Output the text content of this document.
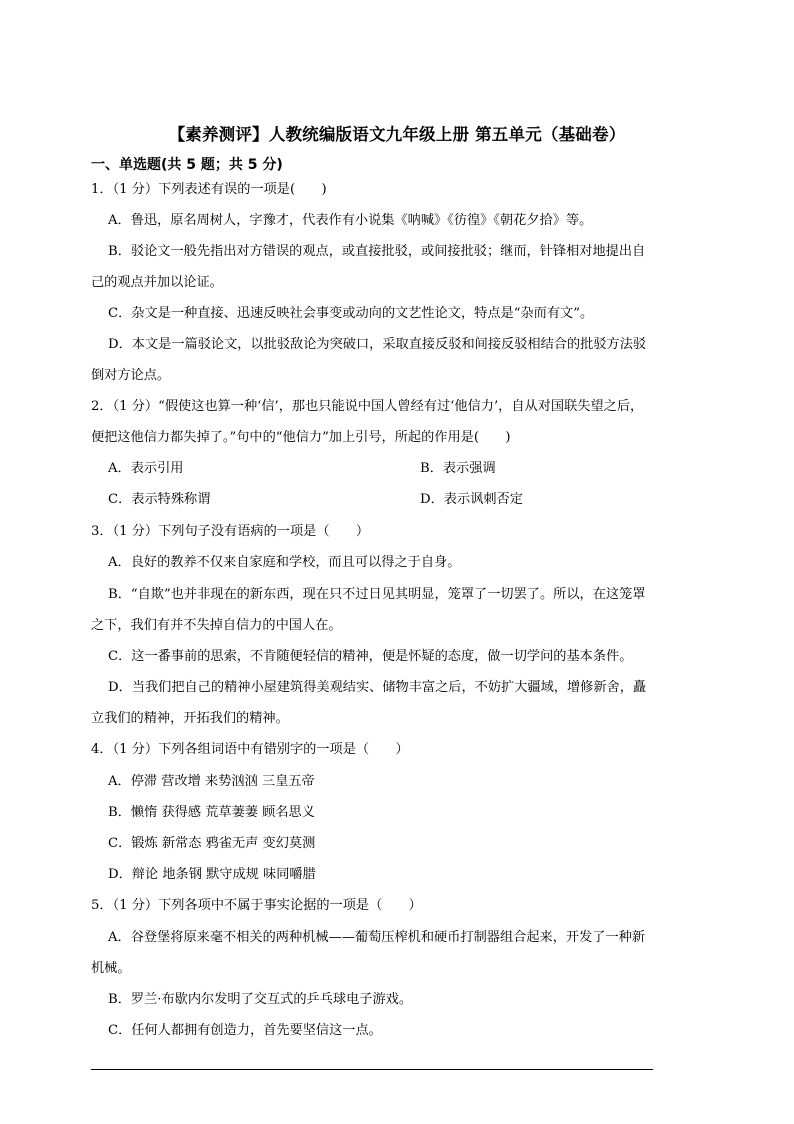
【素养测评】人教统编版语文九年级上册 第五单元（基础卷）
一、单选题(共 5 题；共 5 分)
1．（1 分）下列表述有误的一项是(　　)
A．鲁迅，原名周树人，字豫才，代表作有小说集《呐喊》《彷徨》《朝花夕拾》等。
B．驳论文一般先指出对方错误的观点，或直接批驳，或间接批驳；继而，针锋相对地提出自
己的观点并加以论证。
C．杂文是一种直接、迅速反映社会事变或动向的文艺性论文，特点是“杂而有文”。
D．本文是一篇驳论文，以批驳敌论为突破口，采取直接反驳和间接反驳相结合的批驳方法驳
倒对方论点。
2．（1 分）“假使这也算一种‘信’，那也只能说中国人曾经有过‘他信力’，自从对国联失望之后，
便把这他信力都失掉了。”句中的“他信力”加上引号，所起的作用是(　　)
A．表示引用	B．表示强调
C．表示特殊称谓	D．表示讽刺否定
3．（1 分）下列句子没有语病的一项是（　　）
A．良好的教养不仅来自家庭和学校，而且可以得之于自身。
B．“自欺”也并非现在的新东西，现在只不过日见其明显，笼罩了一切罢了。所以，在这笼罩
之下，我们有并不失掉自信力的中国人在。
C．这一番事前的思索，不肯随便轻信的精神，便是怀疑的态度，做一切学问的基本条件。
D．当我们把自己的精神小屋建筑得美观结实、储物丰富之后，不妨扩大疆域，增修新舍，矗
立我们的精神，开拓我们的精神。
4．（1 分）下列各组词语中有错别字的一项是（　　）
A．停滞 营改增 来势汹汹 三皇五帝
B．懒惰 获得感 荒草萋萋 顾名思义
C．锻炼 新常态 鸦雀无声 变幻莫测
D．辩论 地条钢 默守成规 味同嚼腊
5．（1 分）下列各项中不属于事实论据的一项是（　　）
A．谷登堡将原来毫不相关的两种机械——葡萄压榨机和硬币打制器组合起来，开发了一种新
机械。
B．罗兰·布歇内尔发明了交互式的乒乓球电子游戏。
C．任何人都拥有创造力，首先要坚信这一点。
